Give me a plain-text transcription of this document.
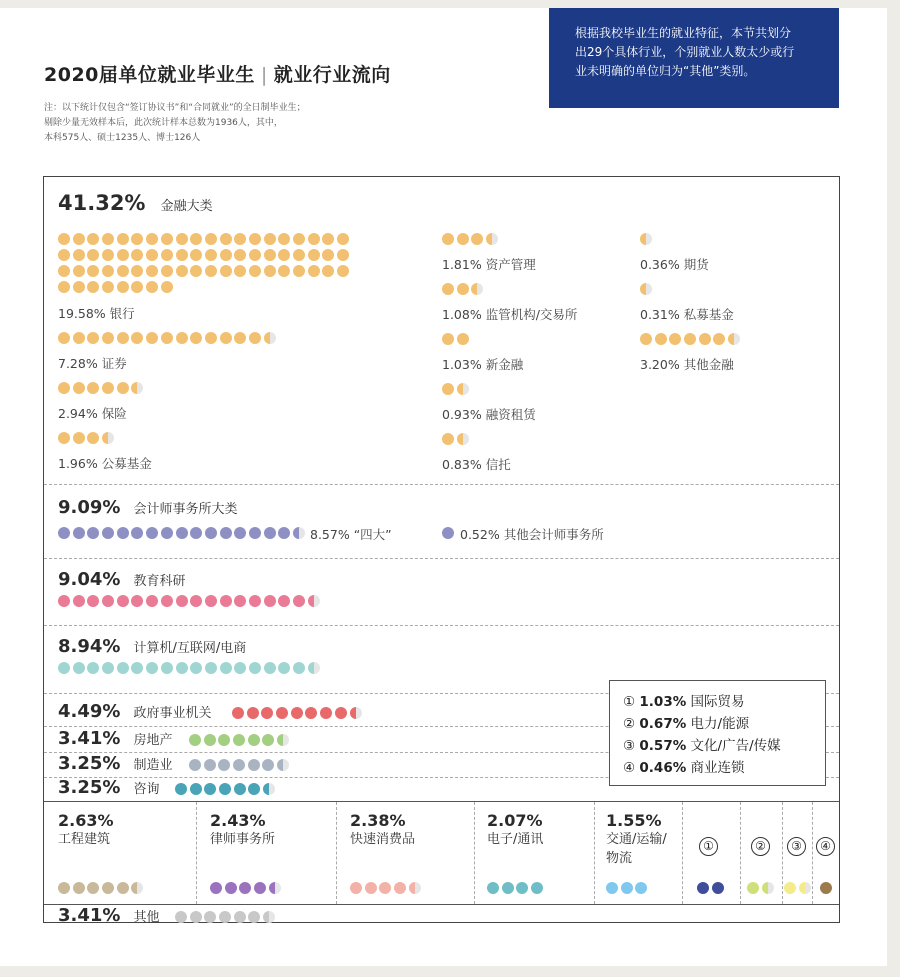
2020届单位就业毕业生 | 就业行业流向
注：以下统计仅包含“签订协议书”和“合同就业”的全日制毕业生；
剔除少量无效样本后，此次统计样本总数为1936人，其中，
本科575人、硕士1235人、博士126人
根据我校毕业生的就业特征，本节共划分
出29个具体行业，个别就业人数太少或行
业未明确的单位归为“其他”类别。
41.32% 金融大类
19.58% 银行
7.28% 证券
2.94% 保险
1.96% 公募基金
1.81% 资产管理
1.08% 监管机构/交易所
1.03% 新金融
0.93% 融资租赁
0.83% 信托
0.36% 期货
0.31% 私募基金
3.20% 其他金融
9.09% 会计师事务所大类
8.57% “四大”	0.52% 其他会计师事务所
9.04% 教育科研
8.94% 计算机/互联网/电商
4.49% 政府事业机关
3.41% 房地产
3.25% 制造业
3.25% 咨询
① 1.03% 国际贸易
② 0.67% 电力/能源
③ 0.57% 文化/广告/传媒
④ 0.46% 商业连锁
2.63%
工程建筑
2.43%
律师事务所
2.38%
快速消费品
2.07%
电子/通讯
1.55%
交通/运输/物流
①	②	③	④
3.41% 其他
